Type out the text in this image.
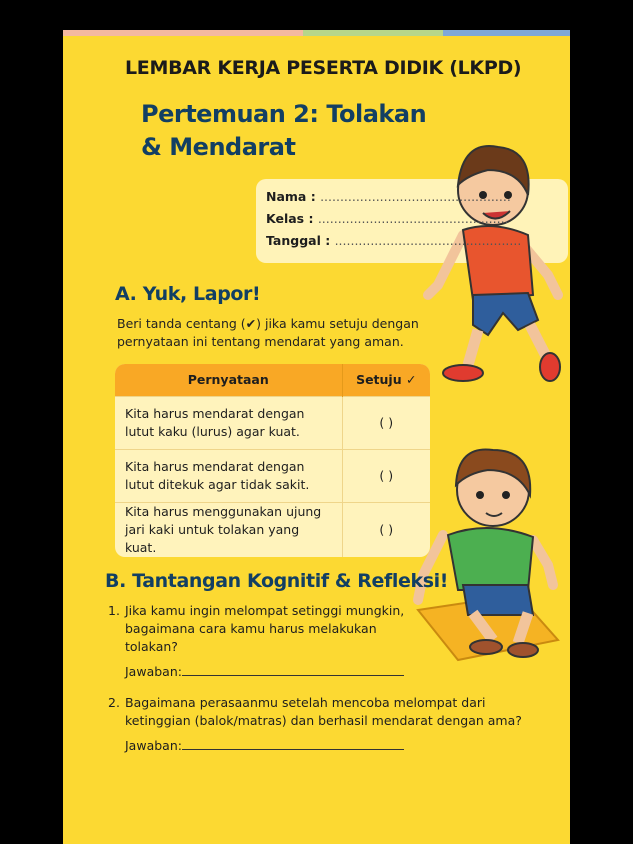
LEMBAR KERJA PESERTA DIDIK (LKPD)
Pertemuan 2: Tolakan
& Mendarat
Nama : ................................................
Kelas : ................................................
Tanggal : ...............................................
A. Yuk, Lapor!
Beri tanda centang (✔) jika kamu setuju dengan
pernyataan ini tentang mendarat yang aman.
Pernyataan	Setuju ✓

Kita harus mendarat dengan
lutut kaku (lurus) agar kuat.	( )

Kita harus mendarat dengan
lutut ditekuk agar tidak sakit.	( )

Kita harus menggunakan ujung
jari kaki untuk tolakan yang kuat.	( )
B. Tantangan Kognitif & Refleksi!
1. Jika kamu ingin melompat setinggi mungkin,
bagaimana cara kamu harus melakukan
tolakan?
Jawaban:
2. Bagaimana perasaanmu setelah mencoba melompat dari
ketinggian (balok/matras) dan berhasil mendarat dengan ama?
Jawaban:
